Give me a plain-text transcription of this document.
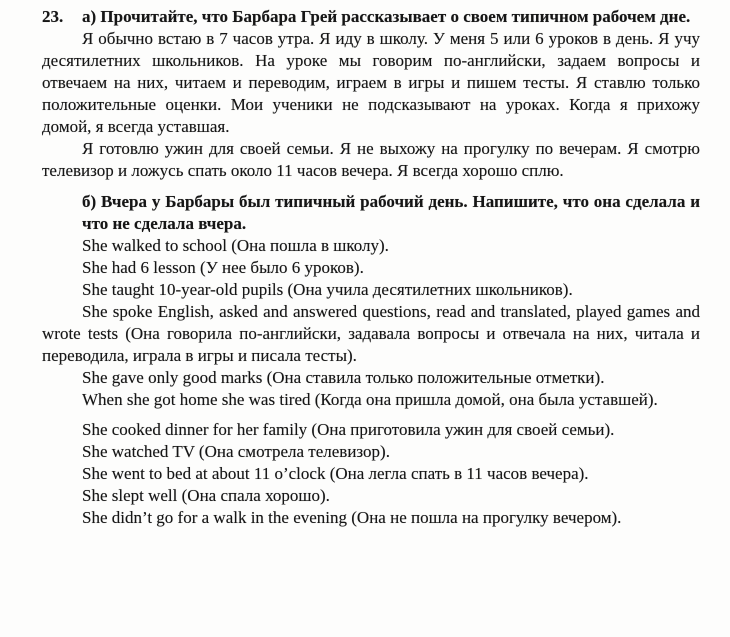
23. а) Прочитайте, что Барбара Грей рассказывает о своем типичном рабочем дне.

Я обычно встаю в 7 часов утра. Я иду в школу. У меня 5 или 6 уроков в день. Я учу десятилетних школьников. На уроке мы говорим по-английски, задаем вопросы и отвечаем на них, читаем и переводим, играем в игры и пишем тесты. Я ставлю только положительные оценки. Мои ученики не подсказывают на уроках. Когда я прихожу домой, я всегда уставшая.

Я готовлю ужин для своей семьи. Я не выхожу на прогулку по вечерам. Я смотрю телевизор и ложусь спать около 11 часов вечера. Я всегда хорошо сплю.

б) Вчера у Барбары был типичный рабочий день. Напишите, что она сделала и что не сделала вчера.

She walked to school (Она пошла в школу).

She had 6 lesson (У нее было 6 уроков).

She taught 10-year-old pupils (Она учила десятилетних школьников).

She spoke English, asked and answered questions, read and translated, played games and wrote tests (Она говорила по-английски, задавала вопросы и отвечала на них, читала и переводила, играла в игры и писала тесты).

She gave only good marks (Она ставила только положительные отметки).

When she got home she was tired (Когда она пришла домой, она была уставшей).

She cooked dinner for her family (Она приготовила ужин для своей семьи).

She watched TV (Она смотрела телевизор).

She went to bed at about 11 o’clock (Она легла спать в 11 часов вечера).

She slept well (Она спала хорошо).

She didn’t go for a walk in the evening (Она не пошла на прогулку вечером).
